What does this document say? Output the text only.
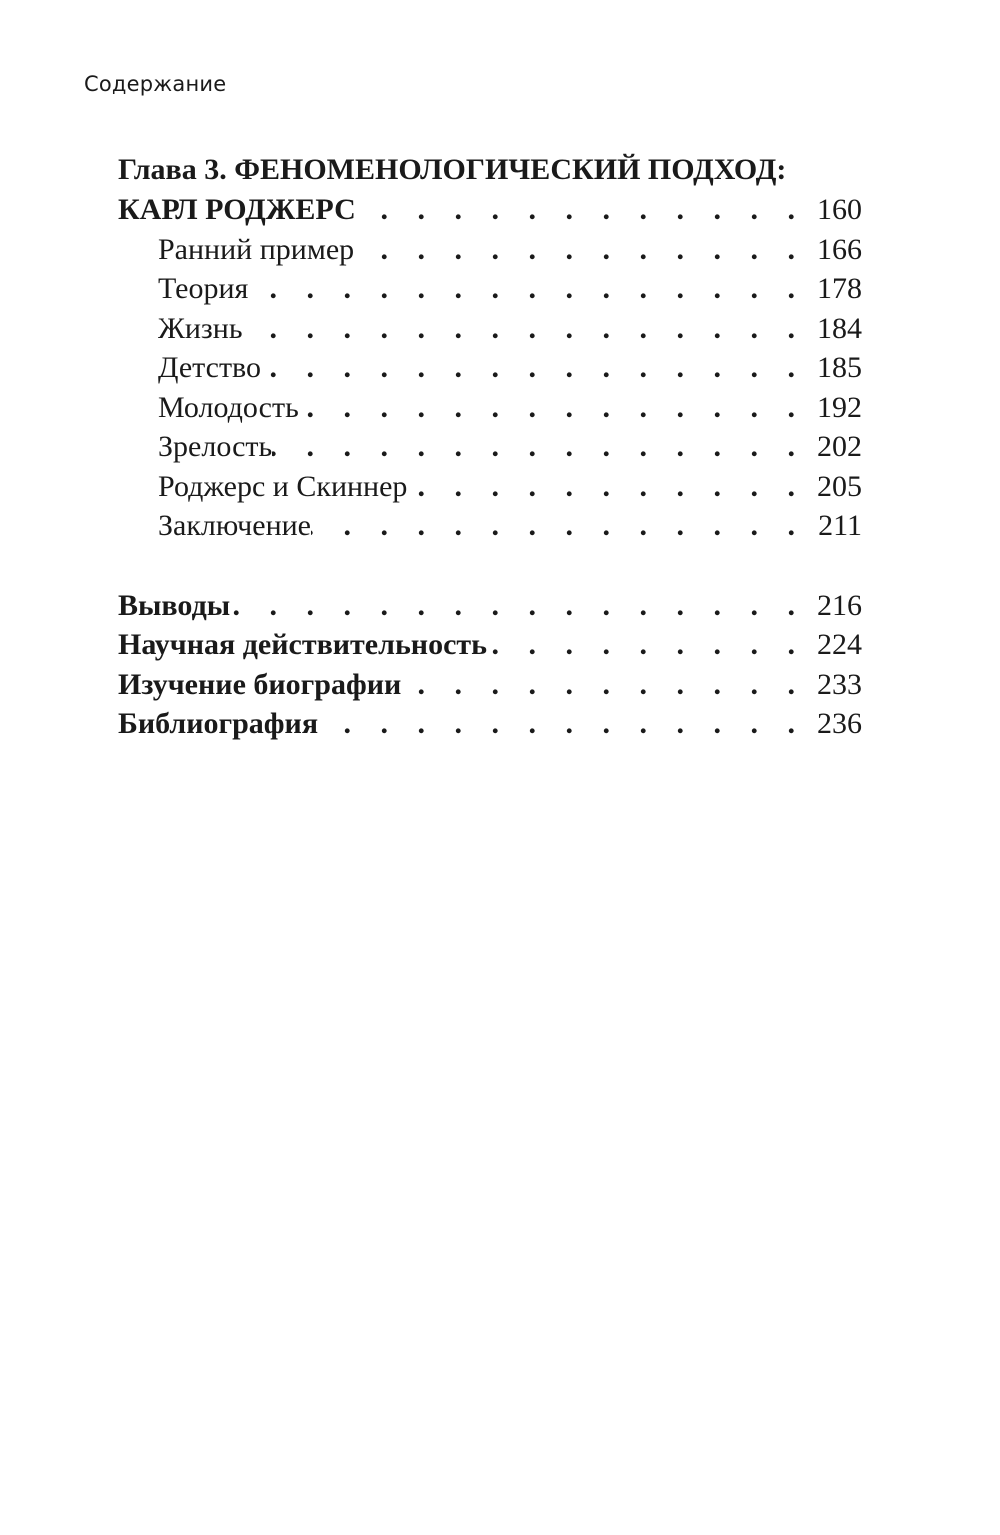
Содержание
Глава 3. ФЕНОМЕНОЛОГИЧЕСКИЙ ПОДХОД:
КАРЛ РОДЖЕРС . . .	160
Ранний пример . . .	166
Теория . . .	178
Жизнь . . .	184
Детство . . .	185
Молодость . . .	192
Зрелость . . .	202
Роджерс и Скиннер . . .	205
Заключение . . .	211
Выводы . . .	216
Научная действительность . . .	224
Изучение биографии . . .	233
Библиография . . .	236
